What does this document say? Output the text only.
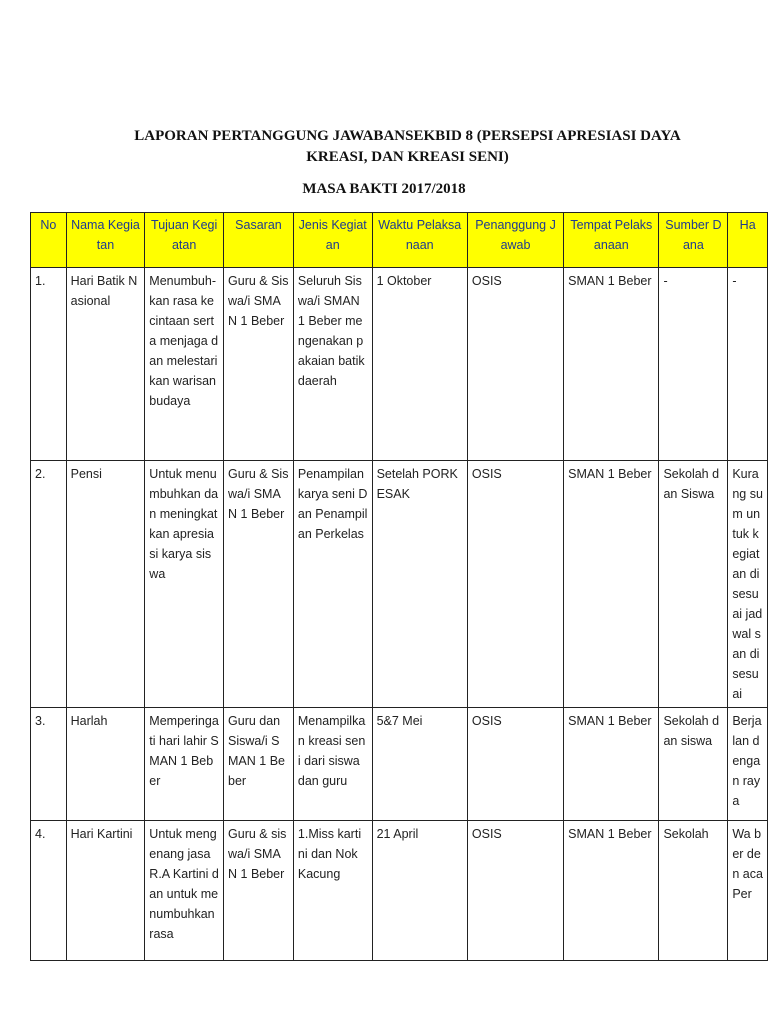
LAPORAN PERTANGGUNG JAWABANSEKBID 8 (PERSEPSI APRESIASI DAYA
KREASI, DAN KREASI SENI)
MASA BAKTI 2017/2018
No	Nama Kegiatan	Tujuan Kegiatan	Sasaran	Jenis Kegiatan	Waktu Pelaksanaan	Penanggung Jawab	Tempat Pelaksanaan	Sumber Dana	Ha
1.	Hari Batik Nasional	Menumbuh-kan rasa kecintaan serta menjaga dan melestarikan warisan budaya	Guru & Siswa/i SMAN 1 Beber	Seluruh Siswa/i SMAN 1 Beber mengenakan pakaian batik daerah	1 Oktober	OSIS	SMAN 1 Beber	-	-
2.	Pensi	Untuk menumbuhkan dan meningkatkan apresiasi karya siswa	Guru & Siswa/i SMAN 1 Beber	Penampilan karya seni Dan Penampilan Perkelas	Setelah PORKESAK	OSIS	SMAN 1 Beber	Sekolah dan Siswa	Kurang sum untuk kegiatan disesuai jadwal san disesuai
3.	Harlah	Memperingati hari lahir SMAN 1 Beber	Guru dan Siswa/i SMAN 1 Beber	Menampilkan kreasi seni dari siswa dan guru	5&7 Mei	OSIS	SMAN 1 Beber	Sekolah dan siswa	Berjalan dengan raya
4.	Hari Kartini	Untuk mengenang jasa R.A Kartini dan untuk menumbuhkan rasa	Guru & siswa/i SMAN 1 Beber	1.Miss kartini dan Nok Kacung	21 April	OSIS	SMAN 1 Beber	Sekolah	Wa ber den aca Per
